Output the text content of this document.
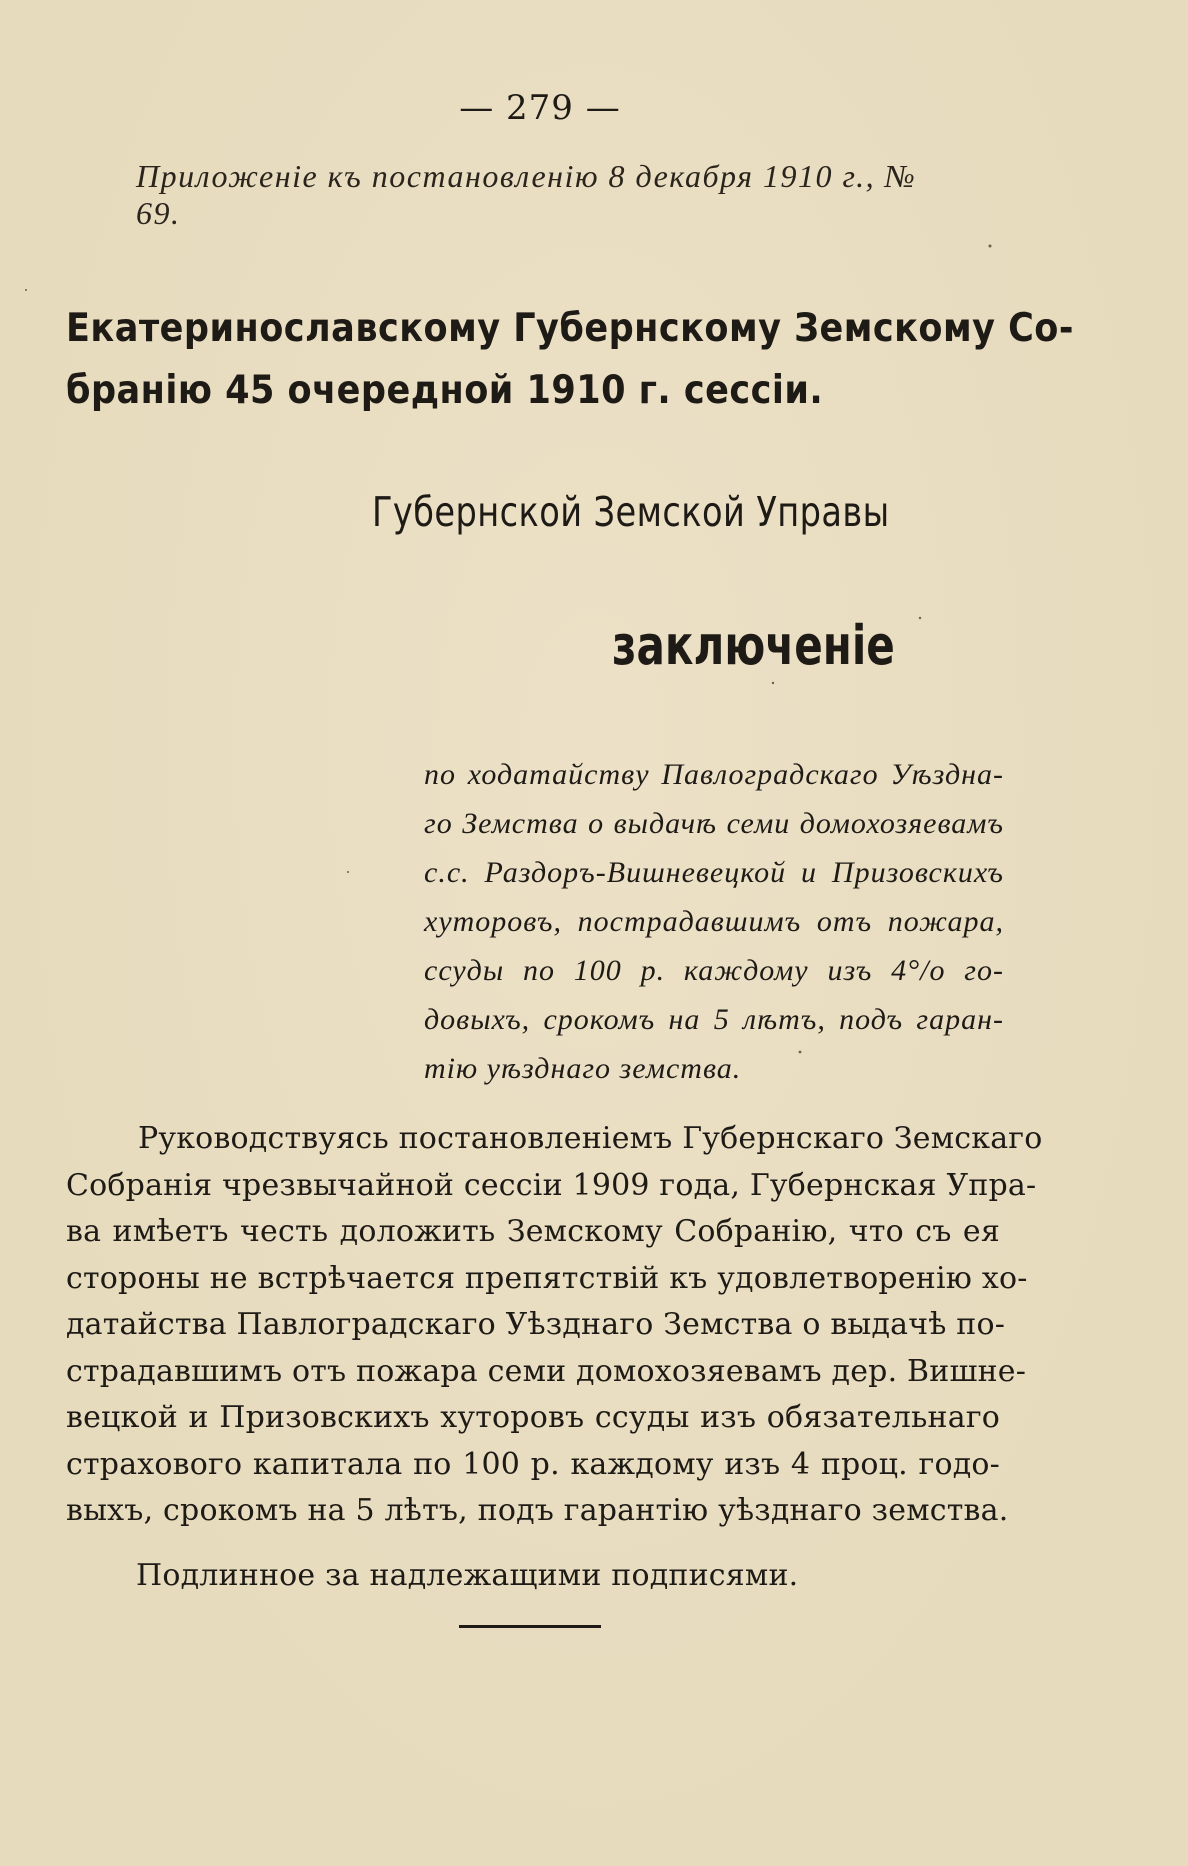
— 279 —
Приложеніе къ постановленію 8 декабря 1910 г., № 69.
Екатеринославскому Губернскому Земскому Со-
бранію 45 очередной 1910 г. сессіи.
Губернской Земской Управы
заключеніе
по ходатайству Павлоградскаго Уѣздна-
го Земства о выдачѣ семи домохозяевамъ
с.с. Раздоръ-Вишневецкой и Призовскихъ
хуторовъ, пострадавшимъ отъ пожара,
ссуды по 100 р. каждому изъ 4°/о го-
довыхъ, срокомъ на 5 лѣтъ, подъ гаран-
тію уѣзднаго земства.
Руководствуясь постановленіемъ Губернскаго Земскаго
Собранія чрезвычайной сессіи 1909 года, Губернская Упра-
ва имѣетъ честь доложить Земскому Собранію, что съ ея
стороны не встрѣчается препятствій къ удовлетворенію хо-
датайства Павлоградскаго Уѣзднаго Земства о выдачѣ по-
страдавшимъ отъ пожара семи домохозяевамъ дер. Вишне-
вецкой и Призовскихъ хуторовъ ссуды изъ обязательнаго
страхового капитала по 100 р. каждому изъ 4 проц. годо-
выхъ, срокомъ на 5 лѣтъ, подъ гарантію уѣзднаго земства.
Подлинное за надлежащими подписями.
